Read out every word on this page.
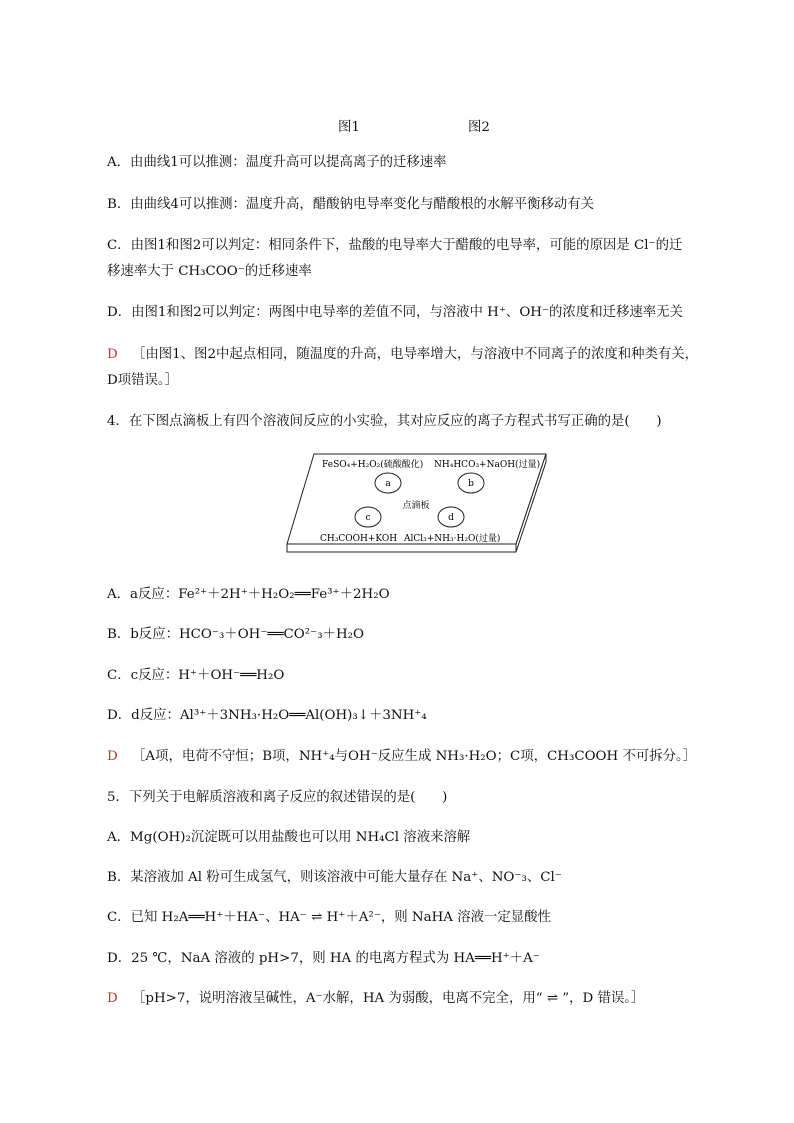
图1	图2
A．由曲线1可以推测：温度升高可以提高离子的迁移速率
B．由曲线4可以推测：温度升高，醋酸钠电导率变化与醋酸根的水解平衡移动有关
C．由图1和图2可以判定：相同条件下，盐酸的电导率大于醋酸的电导率，可能的原因是 Cl⁻的迁
移速率大于 CH₃COO⁻的迁移速率
D．由图1和图2可以判定：两图中电导率的差值不同，与溶液中 H⁺、OH⁻的浓度和迁移速率无关
D ［由图1、图2中起点相同，随温度的升高，电导率增大，与溶液中不同离子的浓度和种类有关，
D项错误。］
4．在下图点滴板上有四个溶液间反应的小实验，其对应反应的离子方程式书写正确的是(　　)
FeSO₄+H₂O₂(硫酸酸化) NH₄HCO₃+NaOH(过量)
a	b
点滴板
c	d
CH₃COOH+KOH AlCl₃+NH₃·H₂O(过量)
A．a反应：Fe²⁺＋2H⁺＋H₂O₂══Fe³⁺＋2H₂O
B．b反应：HCO⁻₃＋OH⁻══CO²⁻₃＋H₂O
C．c反应：H⁺＋OH⁻══H₂O
D．d反应：Al³⁺＋3NH₃·H₂O══Al(OH)₃↓＋3NH⁺₄
D ［A项，电荷不守恒；B项，NH⁺₄与OH⁻反应生成 NH₃·H₂O；C项，CH₃COOH 不可拆分。］
5．下列关于电解质溶液和离子反应的叙述错误的是(　　)
A．Mg(OH)₂沉淀既可以用盐酸也可以用 NH₄Cl 溶液来溶解
B．某溶液加 Al 粉可生成氢气，则该溶液中可能大量存在 Na⁺、NO⁻₃、Cl⁻
C．已知 H₂A══H⁺＋HA⁻、HA⁻ ⇌ H⁺＋A²⁻，则 NaHA 溶液一定显酸性
D．25 ℃，NaA 溶液的 pH>7，则 HA 的电离方程式为 HA══H⁺＋A⁻
D ［pH>7，说明溶液呈碱性，A⁻水解，HA 为弱酸，电离不完全，用“ ⇌ ”，D 错误。］
